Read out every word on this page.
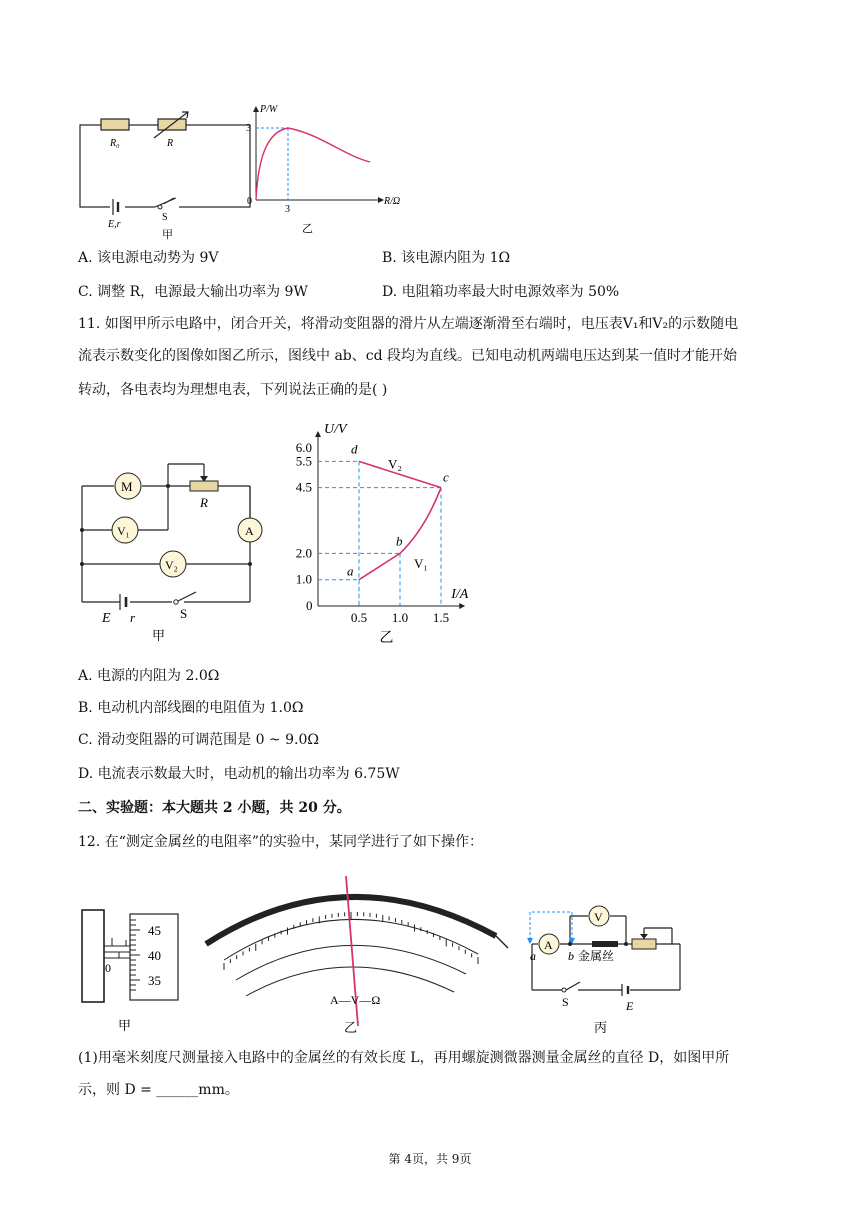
R₀	R
E,r
S
甲
P/W
3
3
0	R/Ω
乙
A. 该电源电动势为 9V	B. 该电源内阻为 1Ω
C. 调整 R，电源最大输出功率为 9W	D. 电阻箱功率最大时电源效率为 50%
11. 如图甲所示电路中，闭合开关，将滑动变阻器的滑片从左端逐渐滑至右端时，电压表V₁和V₂的示数随电
流表示数变化的图像如图乙所示，图线中 ab、cd 段均为直线。已知电动机两端电压达到某一值时才能开始
转动，各电表均为理想电表，下列说法正确的是( )
M
V₁
V₂
A
R
E r	S
甲
V₂
V₁
a
b
c
d
1.0
2.0
4.5
5.5
6.0
0.5 1.0 1.5
0
I/A
U/V
乙
A. 电源的内阻为 2.0Ω
B. 电动机内部线圈的电阻值为 1.0Ω
C. 滑动变阻器的可调范围是 0 ~ 9.0Ω
D. 电流表示数最大时，电动机的输出功率为 6.75W
二、实验题：本大题共 2 小题，共 20 分。
12. 在“测定金属丝的电阻率”的实验中，某同学进行了如下操作：
45
40
35
0
甲
A—V—Ω
乙
A
V
a	b 金属丝
S	E
丙
(1)用毫米刻度尺测量接入电路中的金属丝的有效长度 L，再用螺旋测微器测量金属丝的直径 D，如图甲所
示，则 D = ______mm。
第 4页，共 9页
